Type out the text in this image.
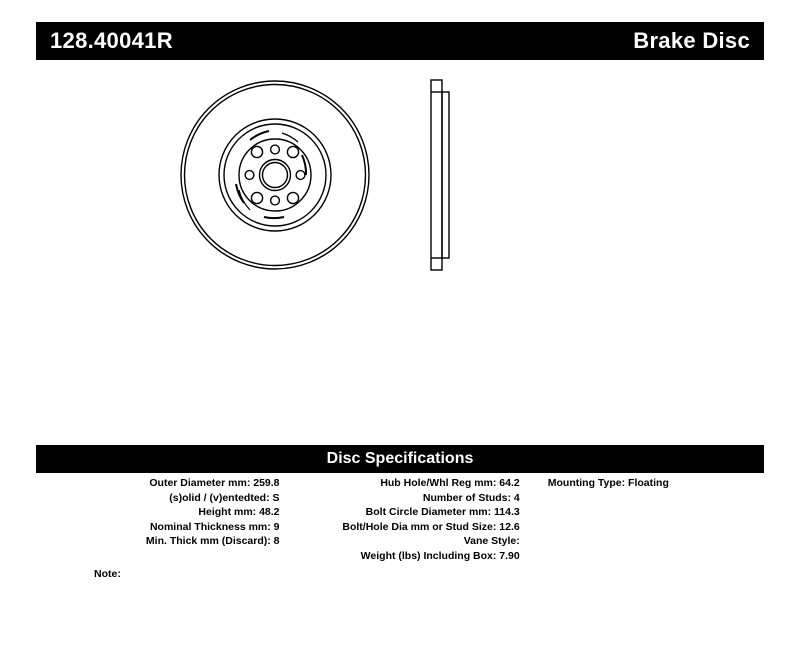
128.40041R	Brake Disc
Disc Specifications
Outer Diameter mm: 259.8
(s)olid / (v)entedted: S
Height mm: 48.2
Nominal Thickness mm: 9
Min. Thick mm (Discard): 8
Hub Hole/Whl Reg mm: 64.2
Number of Studs: 4
Bolt Circle Diameter mm: 114.3
Bolt/Hole Dia mm or Stud Size: 12.6
Vane Style:
Weight (lbs) Including Box: 7.90
Mounting Type: Floating
Note:
